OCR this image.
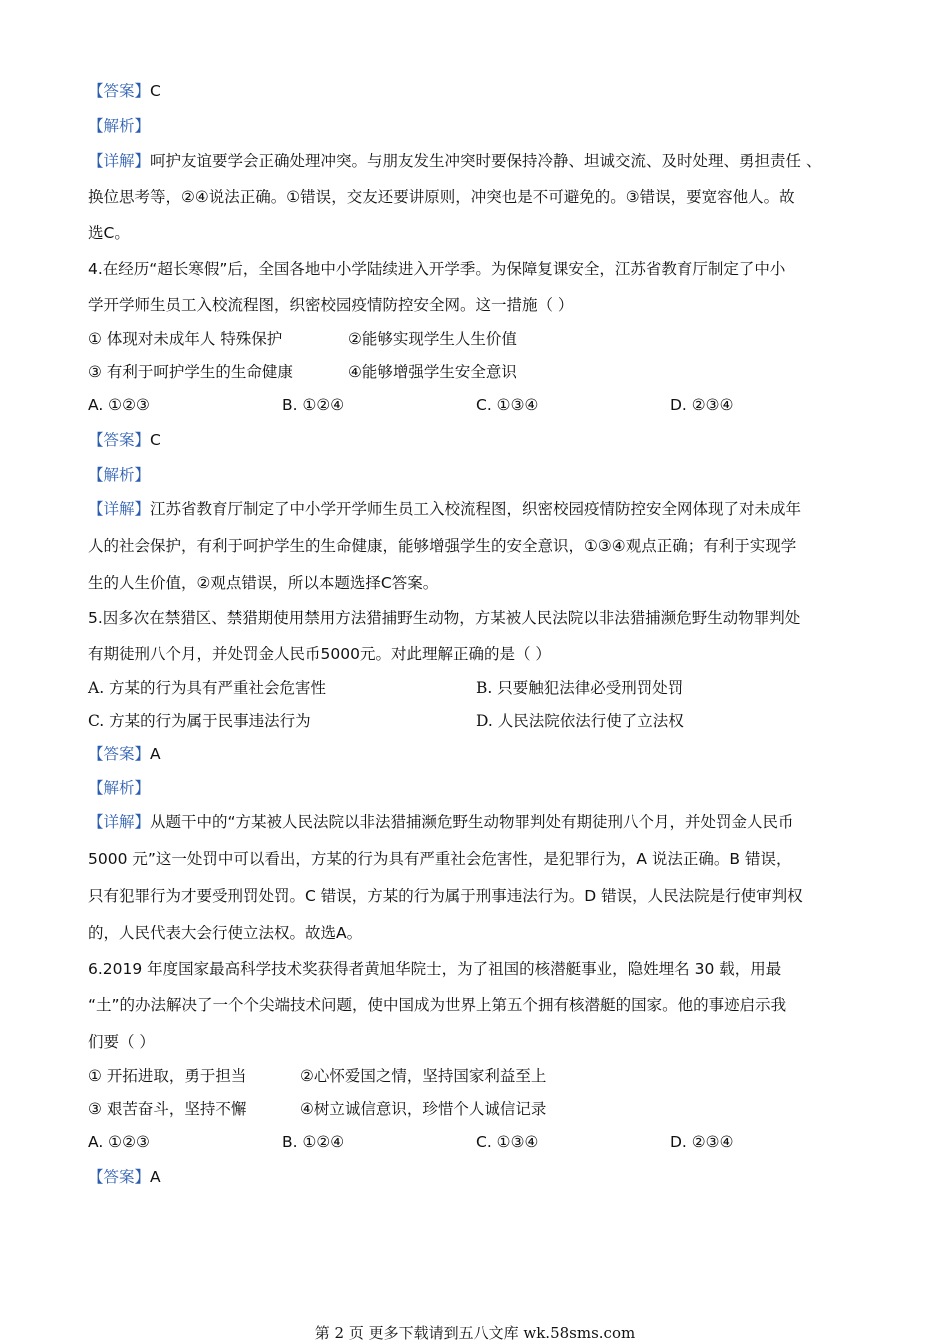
【答案】C
【解析】
【详解】呵护友谊要学会正确处理冲突。与朋友发生冲突时要保持冷静、坦诚交流、及时处理、勇担责任 、
换位思考等，②④说法正确。①错误，交友还要讲原则，冲突也是不可避免的。③错误，要宽容他人。故
选C。
4.在经历“超长寒假”后，全国各地中小学陆续进入开学季。为保障复课安全，江苏省教育厅制定了中小
学开学师生员工入校流程图，织密校园疫情防控安全网。这一措施（ ）
① 体现对未成年人 特殊保护	②能够实现学生人生价值
③ 有利于呵护学生的生命健康	④能够增强学生安全意识
A. ①②③	B. ①②④	C. ①③④	D. ②③④
【答案】C
【解析】
【详解】江苏省教育厅制定了中小学开学师生员工入校流程图，织密校园疫情防控安全网体现了对未成年
人的社会保护，有利于呵护学生的生命健康，能够增强学生的安全意识，①③④观点正确；有利于实现学
生的人生价值，②观点错误，所以本题选择C答案。
5.因多次在禁猎区、禁猎期使用禁用方法猎捕野生动物，方某被人民法院以非法猎捕濒危野生动物罪判处
有期徒刑八个月，并处罚金人民币5000元。对此理解正确的是（ ）
A. 方某的行为具有严重社会危害性	B. 只要触犯法律必受刑罚处罚
C. 方某的行为属于民事违法行为	D. 人民法院依法行使了立法权
【答案】A
【解析】
【详解】从题干中的“方某被人民法院以非法猎捕濒危野生动物罪判处有期徒刑八个月，并处罚金人民币
5000 元”这一处罚中可以看出，方某的行为具有严重社会危害性，是犯罪行为，A 说法正确。B 错误，
只有犯罪行为才要受刑罚处罚。C 错误，方某的行为属于刑事违法行为。D 错误，人民法院是行使审判权
的，人民代表大会行使立法权。故选A。
6.2019 年度国家最高科学技术奖获得者黄旭华院士，为了祖国的核潜艇事业，隐姓埋名 30 载，用最
“土”的办法解决了一个个尖端技术问题，使中国成为世界上第五个拥有核潜艇的国家。他的事迹启示我
们要（ ）
① 开拓进取，勇于担当	②心怀爱国之情，坚持国家利益至上
③ 艰苦奋斗，坚持不懈	④树立诚信意识，珍惜个人诚信记录
A. ①②③	B. ①②④	C. ①③④	D. ②③④
【答案】A
第 2 页 更多下载请到五八文库 wk.58sms.com
